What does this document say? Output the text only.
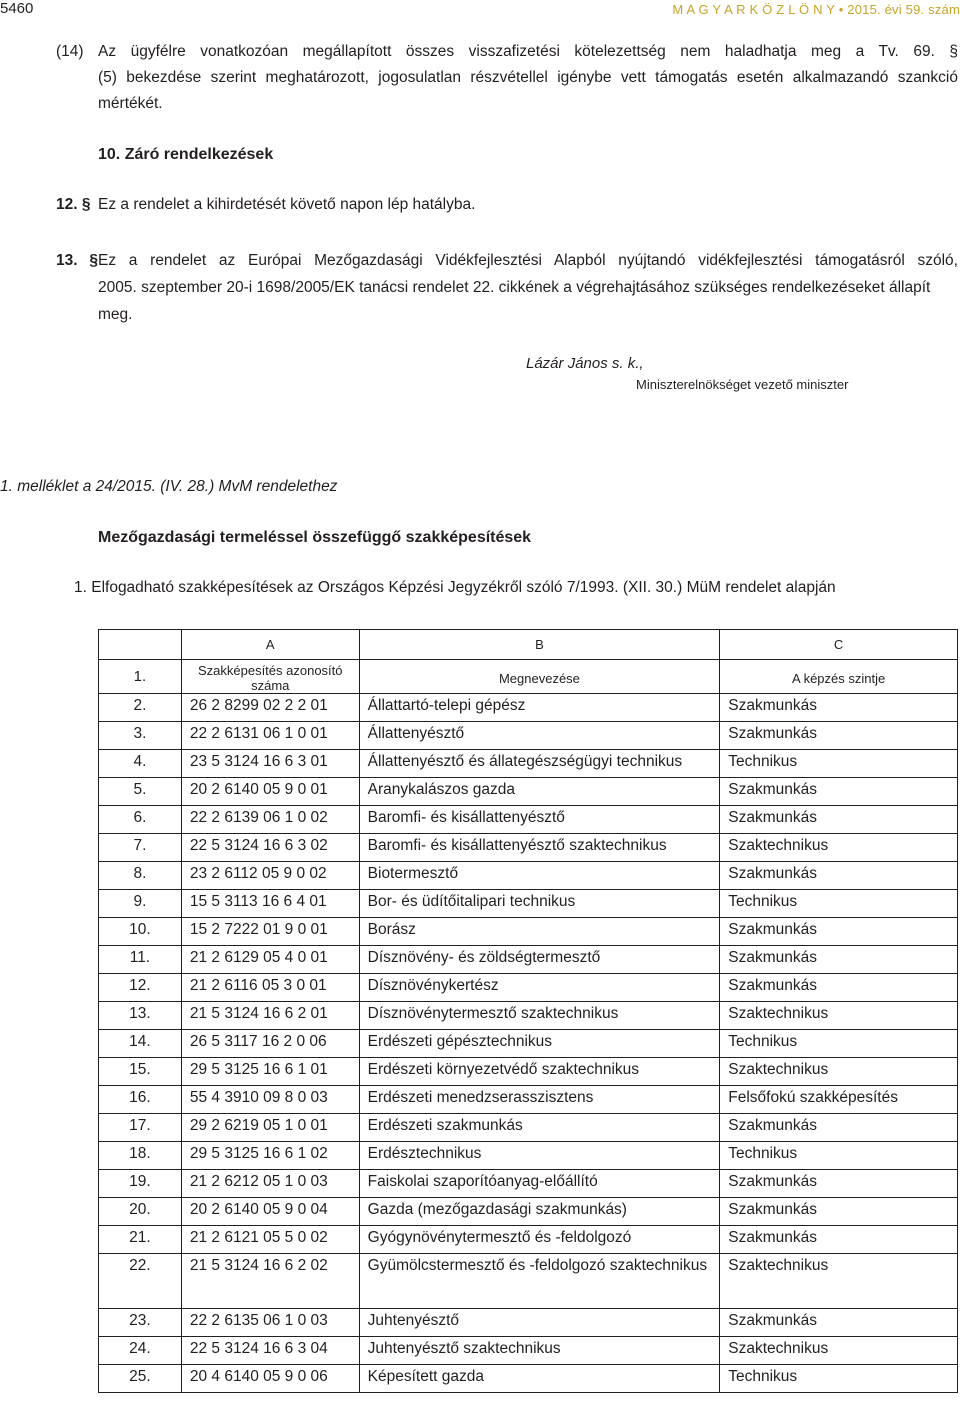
5460	M A G Y A R K Ö Z L Ö N Y • 2015. évi 59. szám
(14) Az ügyfélre vonatkozóan megállapított összes visszafizetési kötelezettség nem haladhatja meg a Tv. 69. §
(5) bekezdése szerint meghatározott, jogosulatlan részvétellel igénybe vett támogatás esetén alkalmazandó szankció mértékét.
10. Záró rendelkezések
12. § Ez a rendelet a kihirdetését követő napon lép hatályba.
13. §Ez a rendelet az Európai Mezőgazdasági Vidékfejlesztési Alapból nyújtandó vidékfejlesztési támogatásról szóló,
2005. szeptember 20-i 1698/2005/EK tanácsi rendelet 22. cikkének a végrehajtásához szükséges rendelkezéseket állapít meg.
Lázár János s. k.,
Miniszterelnökséget vezető miniszter
1. melléklet a 24/2015. (IV. 28.) MvM rendelethez
Mezőgazdasági termeléssel összefüggő szakképesítések
1. Elfogadható szakképesítések az Országos Képzési Jegyzékről szóló 7/1993. (XII. 30.) MüM rendelet alapján
	A	B	C
1.	Szakképesítés azonosító száma	Megnevezése	A képzés szintje
2.	26 2 8299 02 2 2 01	Állattartó-telepi gépész	Szakmunkás
3.	22 2 6131 06 1 0 01	Állattenyésztő	Szakmunkás
4.	23 5 3124 16 6 3 01	Állattenyésztő és állategészségügyi technikus	Technikus
5.	20 2 6140 05 9 0 01	Aranykalászos gazda	Szakmunkás
6.	22 2 6139 06 1 0 02	Baromfi- és kisállattenyésztő	Szakmunkás
7.	22 5 3124 16 6 3 02	Baromfi- és kisállattenyésztő szaktechnikus	Szaktechnikus
8.	23 2 6112 05 9 0 02	Biotermesztő	Szakmunkás
9.	15 5 3113 16 6 4 01	Bor- és üdítőitalipari technikus	Technikus
10.	15 2 7222 01 9 0 01	Borász	Szakmunkás
11.	21 2 6129 05 4 0 01	Dísznövény- és zöldségtermesztő	Szakmunkás
12.	21 2 6116 05 3 0 01	Dísznövénykertész	Szakmunkás
13.	21 5 3124 16 6 2 01	Dísznövénytermesztő szaktechnikus	Szaktechnikus
14.	26 5 3117 16 2 0 06	Erdészeti gépésztechnikus	Technikus
15.	29 5 3125 16 6 1 01	Erdészeti környezetvédő szaktechnikus	Szaktechnikus
16.	55 4 3910 09 8 0 03	Erdészeti menedzserasszisztens	Felsőfokú szakképesítés
17.	29 2 6219 05 1 0 01	Erdészeti szakmunkás	Szakmunkás
18.	29 5 3125 16 6 1 02	Erdésztechnikus	Technikus
19.	21 2 6212 05 1 0 03	Faiskolai szaporítóanyag-előállító	Szakmunkás
20.	20 2 6140 05 9 0 04	Gazda (mezőgazdasági szakmunkás)	Szakmunkás
21.	21 2 6121 05 5 0 02	Gyógynövénytermesztő és -feldolgozó	Szakmunkás
22.	21 5 3124 16 6 2 02	Gyümölcstermesztő és -feldolgozó szaktechnikus	Szaktechnikus
23.	22 2 6135 06 1 0 03	Juhtenyésztő	Szakmunkás
24.	22 5 3124 16 6 3 04	Juhtenyésztő szaktechnikus	Szaktechnikus
25.	20 4 6140 05 9 0 06	Képesített gazda	Technikus
